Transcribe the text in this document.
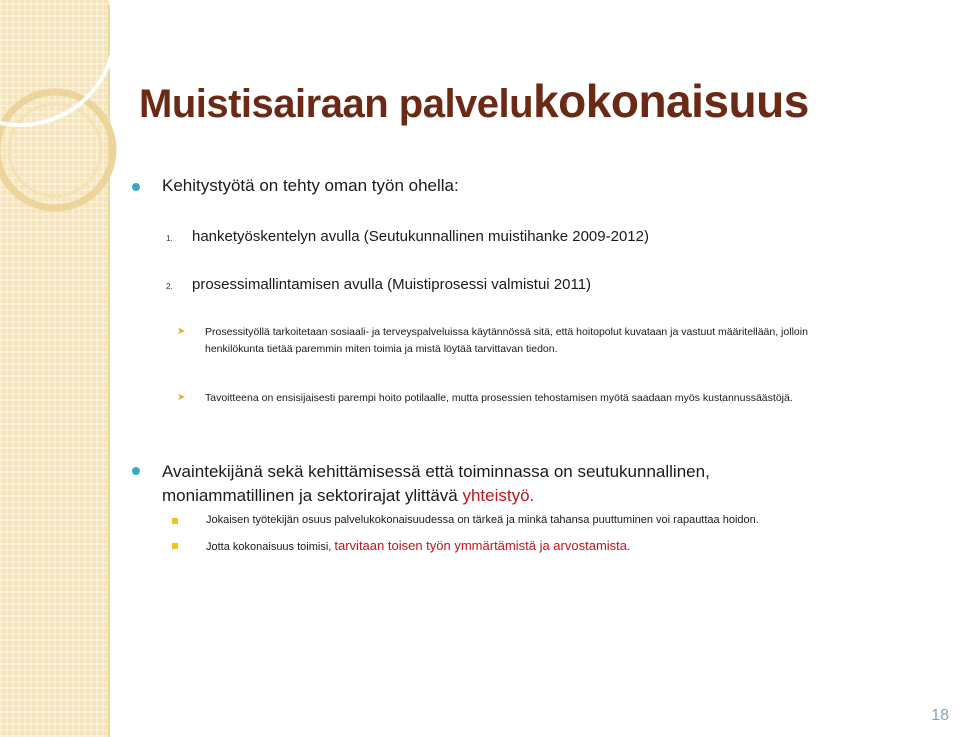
Muistisairaan palvelukokonaisuus
Kehitystyötä on tehty oman työn ohella:
1.	hanketyöskentelyn avulla (Seutukunnallinen muistihanke 2009-2012)
2.	prosessimallintamisen avulla (Muistiprosessi valmistui 2011)
➤	Prosessityöllä tarkoitetaan sosiaali- ja terveyspalveluissa käytännössä sitä, että hoitopolut kuvataan ja vastuut määritellään, jolloin
henkilökunta tietää paremmin miten toimia ja mistä löytää tarvittavan tiedon.
➤	Tavoitteena on ensisijaisesti parempi hoito potilaalle, mutta prosessien tehostamisen myötä saadaan myös kustannussäästöjä.
Avaintekijänä sekä kehittämisessä että toiminnassa on seutukunnallinen,
moniammatillinen ja sektorirajat ylittävä yhteistyö.
Jokaisen työtekijän osuus palvelukokonaisuudessa on tärkeä ja minkä tahansa puuttuminen voi rapauttaa hoidon.
Jotta kokonaisuus toimisi, tarvitaan toisen työn ymmärtämistä ja arvostamista.
18
